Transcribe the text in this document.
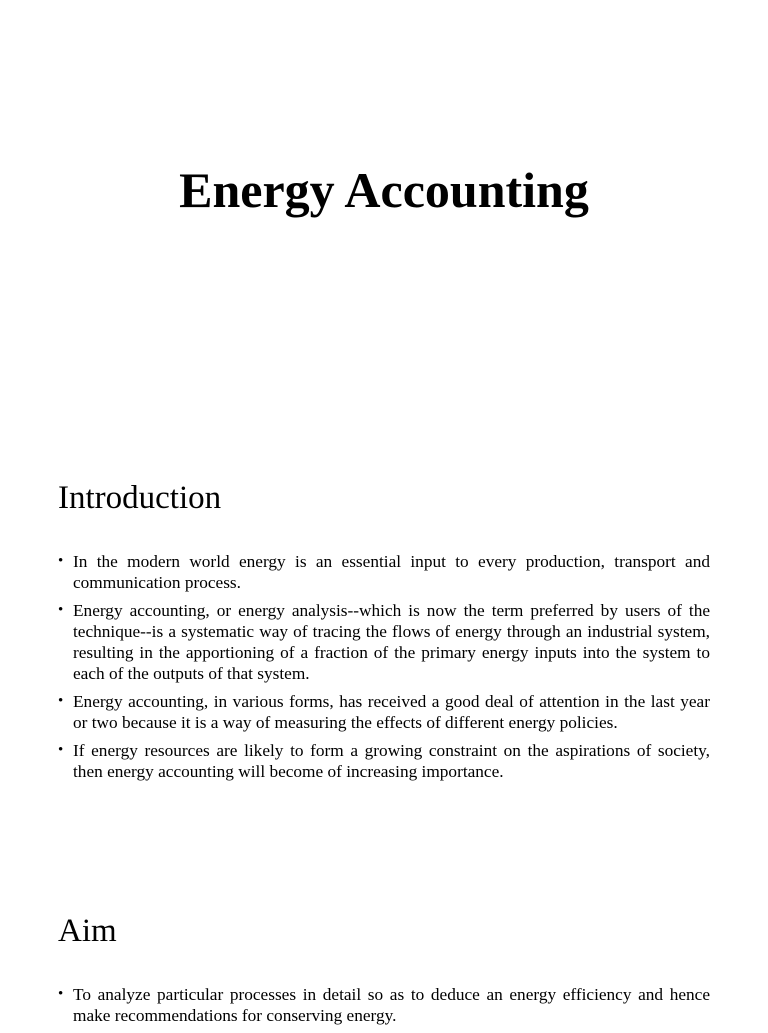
Energy Accounting
Introduction
• In the modern world energy is an essential input to every production, transport and communication process.
• Energy accounting, or energy analysis--which is now the term preferred by users of the technique--is a systematic way of tracing the flows of energy through an industrial system, resulting in the apportioning of a fraction of the primary energy inputs into the system to each of the outputs of that system.
• Energy accounting, in various forms, has received a good deal of attention in the last year or two because it is a way of measuring the effects of different energy policies.
• If energy resources are likely to form a growing constraint on the aspirations of society, then energy accounting will become of increasing importance.
Aim
• To analyze particular processes in detail so as to deduce an energy efficiency and hence make recommendations for conserving energy.
